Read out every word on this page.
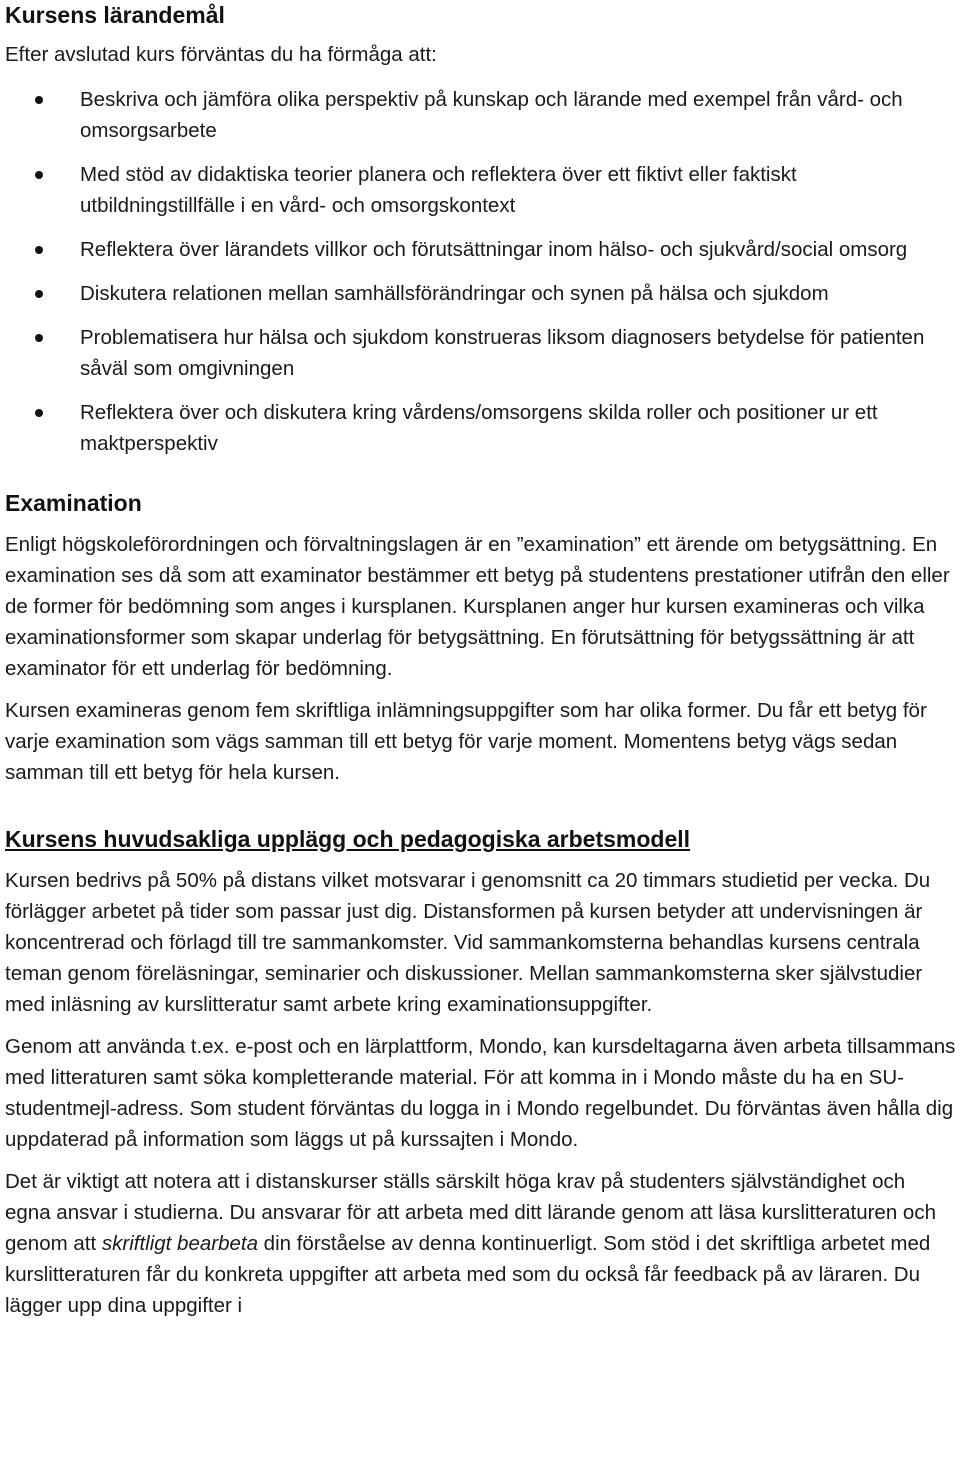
Kursens lärandemål

Efter avslutad kurs förväntas du ha förmåga att:

Beskriva och jämföra olika perspektiv på kunskap och lärande med exempel från vård- och omsorgsarbete
Med stöd av didaktiska teorier planera och reflektera över ett fiktivt eller faktiskt utbildningstillfälle i en vård- och omsorgskontext
Reflektera över lärandets villkor och förutsättningar inom hälso- och sjukvård/social omsorg
Diskutera relationen mellan samhällsförändringar och synen på hälsa och sjukdom
Problematisera hur hälsa och sjukdom konstrueras liksom diagnosers betydelse för patienten såväl som omgivningen
Reflektera över och diskutera kring vårdens/omsorgens skilda roller och positioner ur ett maktperspektiv
Examination

Enligt högskoleförordningen och förvaltningslagen är en ”examination” ett ärende om betygsättning. En examination ses då som att examinator bestämmer ett betyg på studentens prestationer utifrån den eller de former för bedömning som anges i kursplanen. Kursplanen anger hur kursen examineras och vilka examinationsformer som skapar underlag för betygsättning. En förutsättning för betygssättning är att examinator för ett underlag för bedömning.

Kursen examineras genom fem skriftliga inlämningsuppgifter som har olika former. Du får ett betyg för varje examination som vägs samman till ett betyg för varje moment. Momentens betyg vägs sedan samman till ett betyg för hela kursen.

Kursens huvudsakliga upplägg och pedagogiska arbetsmodell

Kursen bedrivs på 50% på distans vilket motsvarar i genomsnitt ca 20 timmars studietid per vecka. Du förlägger arbetet på tider som passar just dig. Distansformen på kursen betyder att undervisningen är koncentrerad och förlagd till tre sammankomster. Vid sammankomsterna behandlas kursens centrala teman genom föreläsningar, seminarier och diskussioner. Mellan sammankomsterna sker självstudier med inläsning av kurslitteratur samt arbete kring examinationsuppgifter.

Genom att använda t.ex. e-post och en lärplattform, Mondo, kan kursdeltagarna även arbeta tillsammans med litteraturen samt söka kompletterande material. För att komma in i Mondo måste du ha en SU-studentmejl-adress. Som student förväntas du logga in i Mondo regelbundet. Du förväntas även hålla dig uppdaterad på information som läggs ut på kurssajten i Mondo.

Det är viktigt att notera att i distanskurser ställs särskilt höga krav på studenters självständighet och egna ansvar i studierna. Du ansvarar för att arbeta med ditt lärande genom att läsa kurslitteraturen och genom att skriftligt bearbeta din förståelse av denna kontinuerligt. Som stöd i det skriftliga arbetet med kurslitteraturen får du konkreta uppgifter att arbeta med som du också får feedback på av läraren. Du lägger upp dina uppgifter i
